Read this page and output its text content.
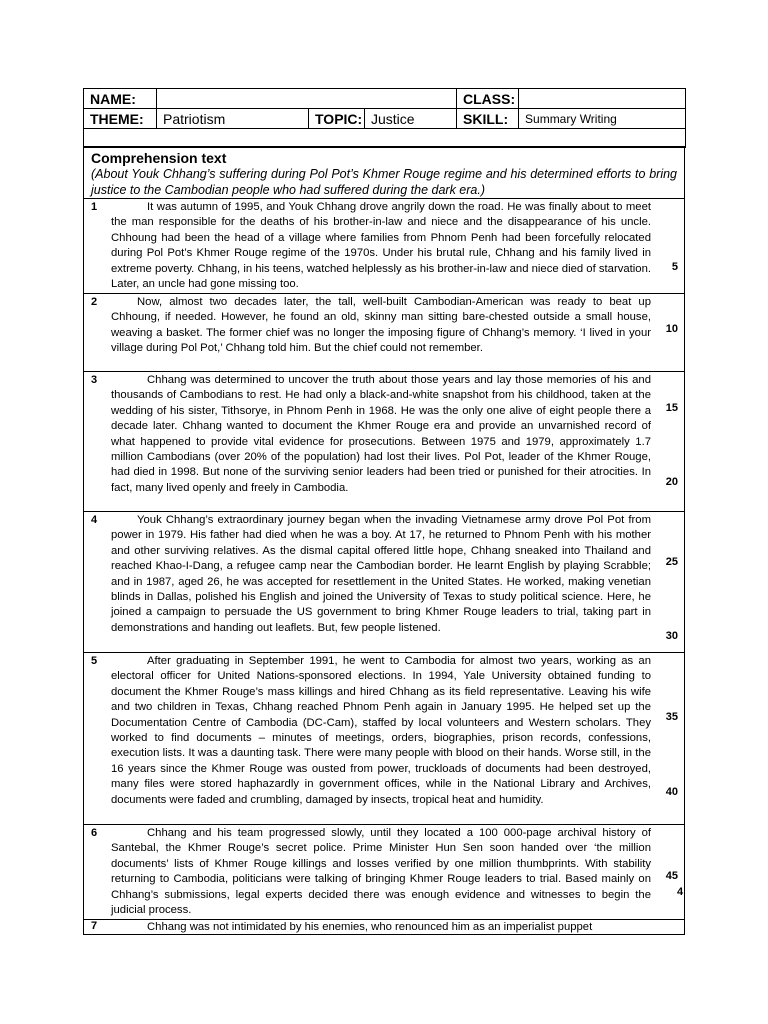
NAME:				CLASS:	
THEME:	Patriotism	TOPIC:	Justice	SKILL:	Summary Writing

Comprehension text
(About Youk Chhang’s suffering during Pol Pot’s Khmer Rouge regime and his determined efforts to bring justice to the Cambodian people who had suffered during the dark era.)
1	It was autumn of 1995, and Youk Chhang drove angrily down the road. He was finally about to meet the man responsible for the deaths of his brother-in-law and niece and the disappearance of his uncle. Chhoung had been the head of a village where families from Phnom Penh had been forcefully relocated during Pol Pot’s Khmer Rouge regime of the 1970s. Under his brutal rule, Chhang and his family lived in extreme poverty. Chhang, in his teens, watched helplessly as his brother-in-law and niece died of starvation. Later, an uncle had gone missing too.
5
2	Now, almost two decades later, the tall, well-built Cambodian-American was ready to beat up Chhoung, if needed. However, he found an old, skinny man sitting bare-chested outside a small house, weaving a basket. The former chief was no longer the imposing figure of Chhang’s memory. ‘I lived in your village during Pol Pot,’ Chhang told him. But the chief could not remember.
10
3	Chhang was determined to uncover the truth about those years and lay those memories of his and thousands of Cambodians to rest. He had only a black-and-white snapshot from his childhood, taken at the wedding of his sister, Tithsorye, in Phnom Penh in 1968. He was the only one alive of eight people there a decade later. Chhang wanted to document the Khmer Rouge era and provide an unvarnished record of what happened to provide vital evidence for prosecutions. Between 1975 and 1979, approximately 1.7 million Cambodians (over 20% of the population) had lost their lives. Pol Pot, leader of the Khmer Rouge, had died in 1998. But none of the surviving senior leaders had been tried or punished for their atrocities. In fact, many lived openly and freely in Cambodia.
15
20
4	Youk Chhang’s extraordinary journey began when the invading Vietnamese army drove Pol Pot from power in 1979. His father had died when he was a boy. At 17, he returned to Phnom Penh with his mother and other surviving relatives. As the dismal capital offered little hope, Chhang sneaked into Thailand and reached Khao-I-Dang, a refugee camp near the Cambodian border. He learnt English by playing Scrabble; and in 1987, aged 26, he was accepted for resettlement in the United States. He worked, making venetian blinds in Dallas, polished his English and joined the University of Texas to study political science. Here, he joined a campaign to persuade the US government to bring Khmer Rouge leaders to trial, taking part in demonstrations and handing out leaflets. But, few people listened.
25
30
5	After graduating in September 1991, he went to Cambodia for almost two years, working as an electoral officer for United Nations-sponsored elections. In 1994, Yale University obtained funding to document the Khmer Rouge’s mass killings and hired Chhang as its field representative. Leaving his wife and two children in Texas, Chhang reached Phnom Penh again in January 1995. He helped set up the Documentation Centre of Cambodia (DC-Cam), staffed by local volunteers and Western scholars. They worked to find documents – minutes of meetings, orders, biographies, prison records, confessions, execution lists. It was a daunting task. There were many people with blood on their hands. Worse still, in the 16 years since the Khmer Rouge was ousted from power, truckloads of documents had been destroyed, many files were stored haphazardly in government offices, while in the National Library and Archives, documents were faded and crumbling, damaged by insects, tropical heat and humidity.
35
40
6	Chhang and his team progressed slowly, until they located a 100 000-page archival history of Santebal, the Khmer Rouge’s secret police. Prime Minister Hun Sen soon handed over ‘the million documents’ lists of Khmer Rouge killings and losses verified by one million thumbprints. With stability returning to Cambodia, politicians were talking of bringing Khmer Rouge leaders to trial. Based mainly on Chhang’s submissions, legal experts decided there was enough evidence and witnesses to begin the judicial process.
45
7	Chhang was not intimidated by his enemies, who renounced him as an imperialist puppet
4
